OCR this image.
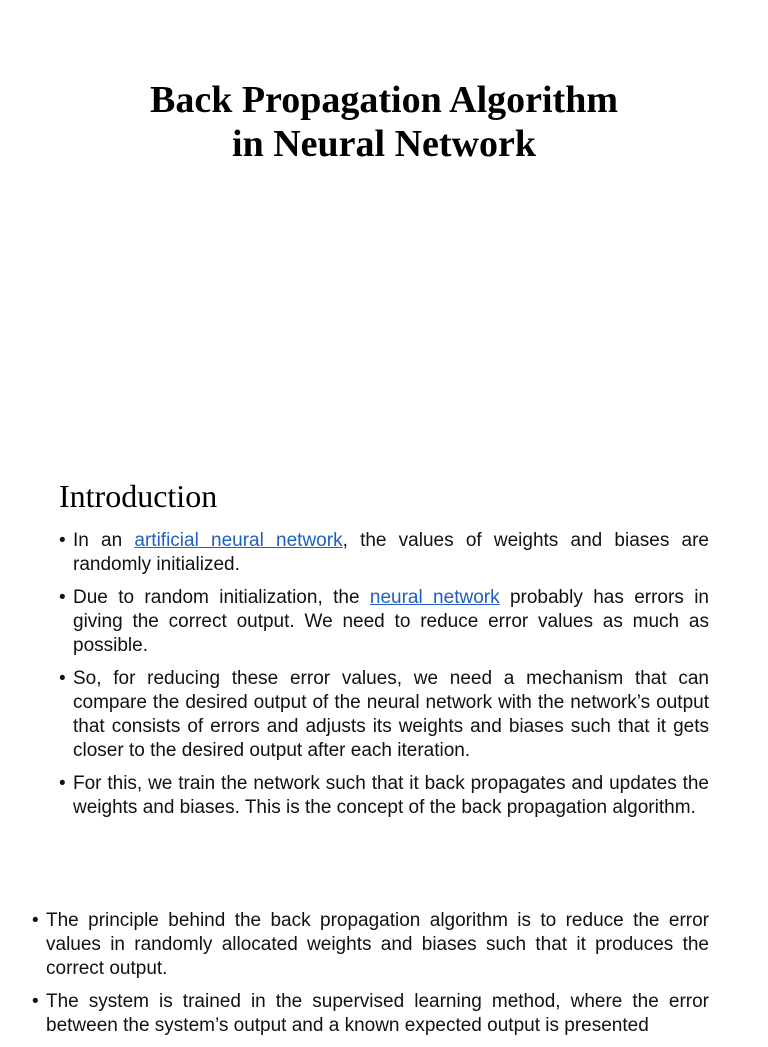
Back Propagation Algorithm
in Neural Network
Introduction
• In an artificial neural network, the values of weights and biases are randomly initialized.
• Due to random initialization, the neural network probably has errors in giving the correct output. We need to reduce error values as much as possible.
• So, for reducing these error values, we need a mechanism that can compare the desired output of the neural network with the network’s output that consists of errors and adjusts its weights and biases such that it gets closer to the desired output after each iteration.
• For this, we train the network such that it back propagates and updates the weights and biases. This is the concept of the back propagation algorithm.
• The principle behind the back propagation algorithm is to reduce the error values in randomly allocated weights and biases such that it produces the correct output.
• The system is trained in the supervised learning method, where the error between the system’s output and a known expected output is presented
